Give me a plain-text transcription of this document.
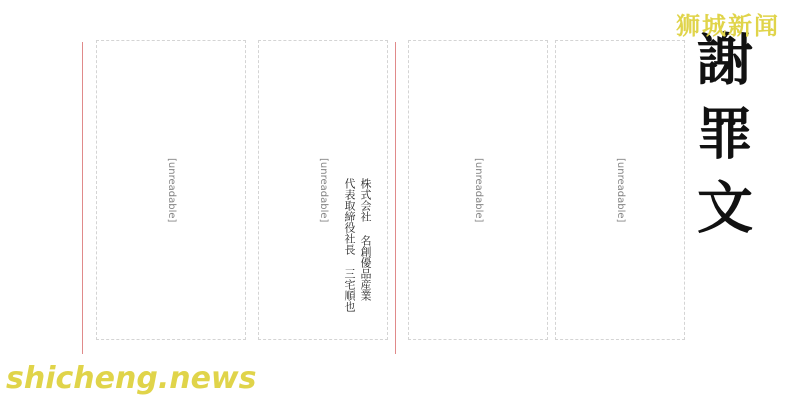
謝罪文
[unreadable]
[unreadable]
株式会社 名創優品産業
代表取締役社長 三宅順也
[unreadable]
[unreadable]
狮城新闻
shicheng.news
